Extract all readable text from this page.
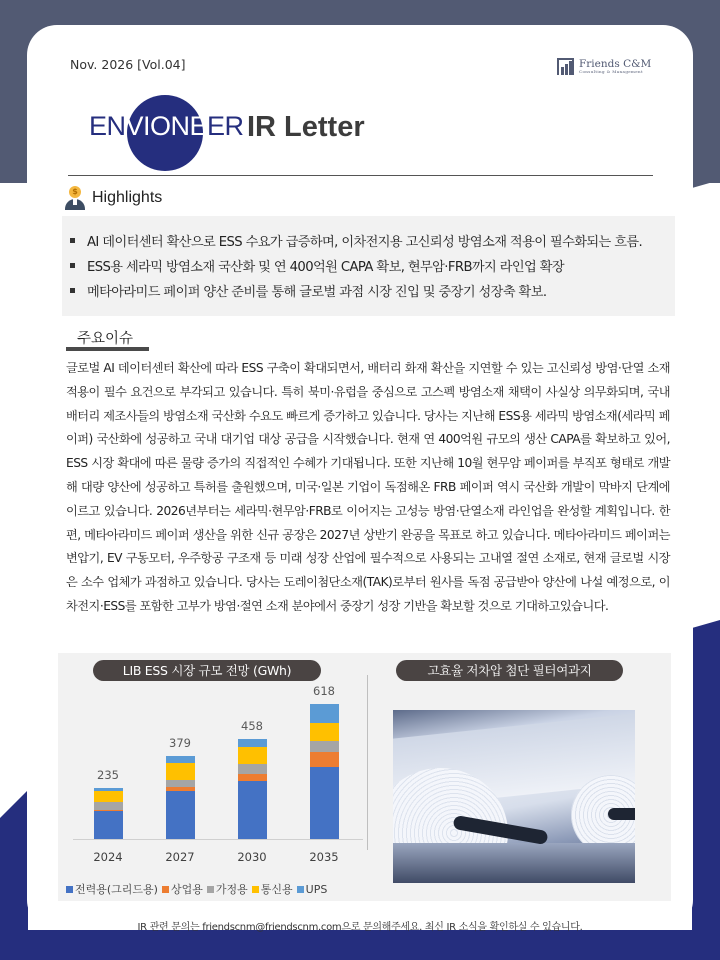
Nov. 2026 [Vol.04]	Friends C&M
Consulting & Management
ENVIONEER IR Letter
$ Highlights
AI 데이터센터 확산으로 ESS 수요가 급증하며, 이차전지용 고신뢰성 방염소재 적용이 필수화되는 흐름.
ESS용 세라믹 방염소재 국산화 및 연 400억원 CAPA 확보, 현무암·FRB까지 라인업 확장
메타아라미드 페이퍼 양산 준비를 통해 글로벌 과점 시장 진입 및 중장기 성장축 확보.
주요이슈
글로벌 AI 데이터센터 확산에 따라 ESS 구축이 확대되면서, 배터리 화재 확산을 지연할 수 있는 고신뢰성 방염·단열 소재 적용이 필수 요건으로 부각되고 있습니다. 특히 북미·유럽을 중심으로 고스펙 방염소재 채택이 사실상 의무화되며, 국내 배터리 제조사들의 방염소재 국산화 수요도 빠르게 증가하고 있습니다. 당사는 지난해 ESS용 세라믹 방염소재(세라믹 페이퍼) 국산화에 성공하고 국내 대기업 대상 공급을 시작했습니다. 현재 연 400억원 규모의 생산 CAPA를 확보하고 있어, ESS 시장 확대에 따른 물량 증가의 직접적인 수혜가 기대됩니다. 또한 지난해 10월 현무암 페이퍼를 부직포 형태로 개발해 대량 양산에 성공하고 특허를 출원했으며, 미국·일본 기업이 독점해온 FRB 페이퍼 역시 국산화 개발이 막바지 단계에 이르고 있습니다. 2026년부터는 세라믹·현무암·FRB로 이어지는 고성능 방염·단열소재 라인업을 완성할 계획입니다. 한편, 메타아라미드 페이퍼 생산을 위한 신규 공장은 2027년 상반기 완공을 목표로 하고 있습니다. 메타아라미드 페이퍼는 변압기, EV 구동모터, 우주항공 구조재 등 미래 성장 산업에 필수적으로 사용되는 고내열 절연 소재로, 현재 글로벌 시장은 소수 업체가 과점하고 있습니다. 당사는 도레이첨단소재(TAK)로부터 원사를 독점 공급받아 양산에 나설 예정으로, 이차전지·ESS를 포함한 고부가 방염·절연 소재 분야에서 중장기 성장 기반을 확보할 것으로 기대하고있습니다.
LIB ESS 시장 규모 전망 (GWh)	고효율 저차압 첨단 필터여과지
전력용(그리드용) 상업용 가정용 통신용 UPS
235
2024
379
2027
458
2030
618
2035
IR 관련 문의는 friendscnm@friendscnm.com으로 문의해주세요. 최신 IR 소식을 확인하실 수 있습니다.
